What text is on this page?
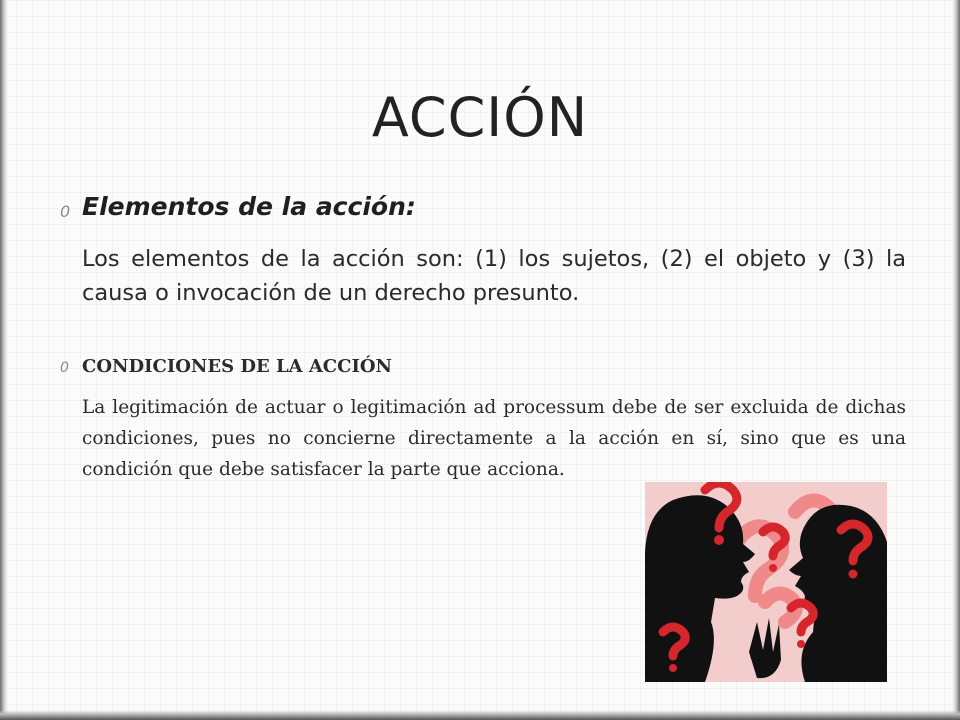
ACCIÓN
0 Elementos de la acción:

Los elementos de la acción son: (1) los sujetos, (2) el objeto y (3) la causa o invocación de un derecho presunto.

0 CONDICIONES DE LA ACCIÓN

La legitimación de actuar o legitimación ad processum debe de ser excluida de dichas condiciones, pues no concierne directamente a la acción en sí, sino que es una condición que debe satisfacer la parte que acciona.
